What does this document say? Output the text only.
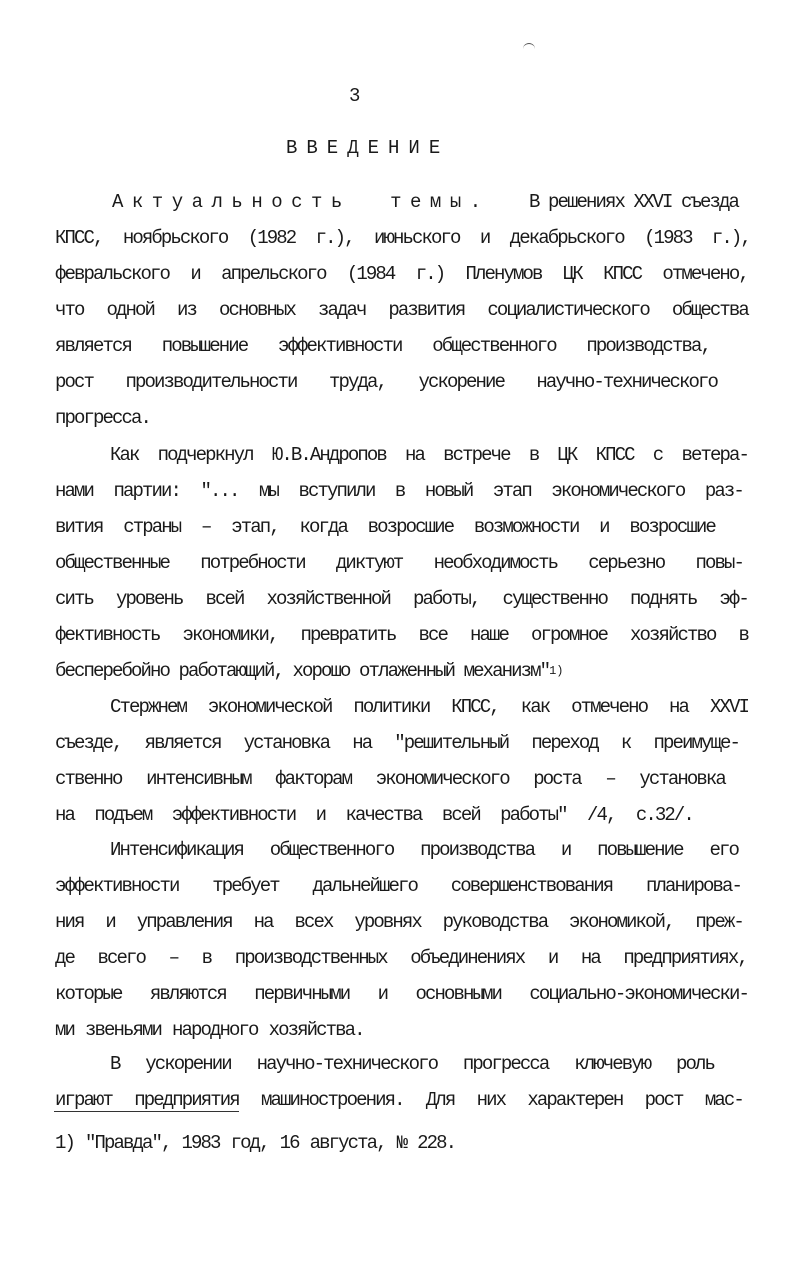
3
ВВЕДЕНИЕ
Актуальность темы. В решениях XXVI съезда
КПСС, ноябрьского (1982 г.), июньского и декабрьского (1983 г.),
февральского и апрельского (1984 г.) Пленумов ЦК КПСС отмечено,
что одной из основных задач развития социалистического общества
является повышение эффективности общественного производства,
рост производительности труда, ускорение научно-технического
прогресса.
Как подчеркнул Ю.В.Андропов на встрече в ЦК КПСС с ветера-
нами партии: "... мы вступили в новый этап экономического раз-
вития страны – этап, когда возросшие возможности и возросшие
общественные потребности диктуют необходимость серьезно повы-
сить уровень всей хозяйственной работы, существенно поднять эф-
фективность экономики, превратить все наше огромное хозяйство в
бесперебойно работающий, хорошо отлаженный механизм" 1)
Стержнем экономической политики КПСС, как отмечено на XXVI
съезде, является установка на "решительный переход к преимуще-
ственно интенсивным факторам экономического роста – установка
на подъем эффективности и качества всей работы" /4, с.32/.
Интенсификация общественного производства и повышение его
эффективности требует дальнейшего совершенствования планирова-
ния и управления на всех уровнях руководства экономикой, преж-
де всего – в производственных объединениях и на предприятиях,
которые являются первичными и основными социально-экономически-
ми звеньями народного хозяйства.
В ускорении научно-технического прогресса ключевую роль
играют предприятия машиностроения. Для них характерен рост мас-
1) "Правда", 1983 год, 16 августа, № 228.
